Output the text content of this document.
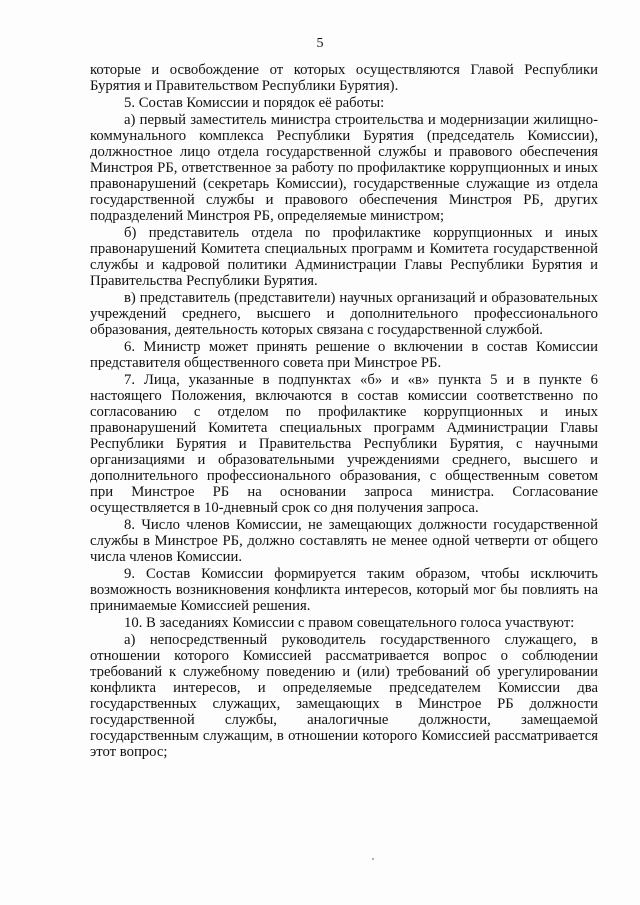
5

которые и освобождение от которых осуществляются Главой Республики Бурятия и Правительством Республики Бурятия).

5. Состав Комиссии и порядок её работы:

а) первый заместитель министра строительства и модернизации жилищно-коммунального комплекса Республики Бурятия (председатель Комиссии), должностное лицо отдела государственной службы и правового обеспечения Минстроя РБ, ответственное за работу по профилактике коррупционных и иных правонарушений (секретарь Комиссии), государственные служащие из отдела государственной службы и правового обеспечения Минстроя РБ, других подразделений Минстроя РБ, определяемые министром;

б) представитель отдела по профилактике коррупционных и иных правонарушений Комитета специальных программ и Комитета государственной службы и кадровой политики Администрации Главы Республики Бурятия и Правительства Республики Бурятия.

в) представитель (представители) научных организаций и образовательных учреждений среднего, высшего и дополнительного профессионального образования, деятельность которых связана с государственной службой.

6. Министр может принять решение о включении в состав Комиссии представителя общественного совета при Минстрое РБ.

7. Лица, указанные в подпунктах «б» и «в» пункта 5 и в пункте 6 настоящего Положения, включаются в состав комиссии соответственно по согласованию с отделом по профилактике коррупционных и иных правонарушений Комитета специальных программ Администрации Главы Республики Бурятия и Правительства Республики Бурятия, с научными организациями и образовательными учреждениями среднего, высшего и дополнительного профессионального образования, с общественным советом при Минстрое РБ на основании запроса министра. Согласование осуществляется в 10-дневный срок со дня получения запроса.

8. Число членов Комиссии, не замещающих должности государственной службы в Минстрое РБ, должно составлять не менее одной четверти от общего числа членов Комиссии.

9. Состав Комиссии формируется таким образом, чтобы исключить возможность возникновения конфликта интересов, который мог бы повлиять на принимаемые Комиссией решения.

10. В заседаниях Комиссии с правом совещательного голоса участвуют:

а) непосредственный руководитель государственного служащего, в отношении которого Комиссией рассматривается вопрос о соблюдении требований к служебному поведению и (или) требований об урегулировании конфликта интересов, и определяемые председателем Комиссии два государственных служащих, замещающих в Минстрое РБ должности государственной службы, аналогичные должности, замещаемой государственным служащим, в отношении которого Комиссией рассматривается этот вопрос;
